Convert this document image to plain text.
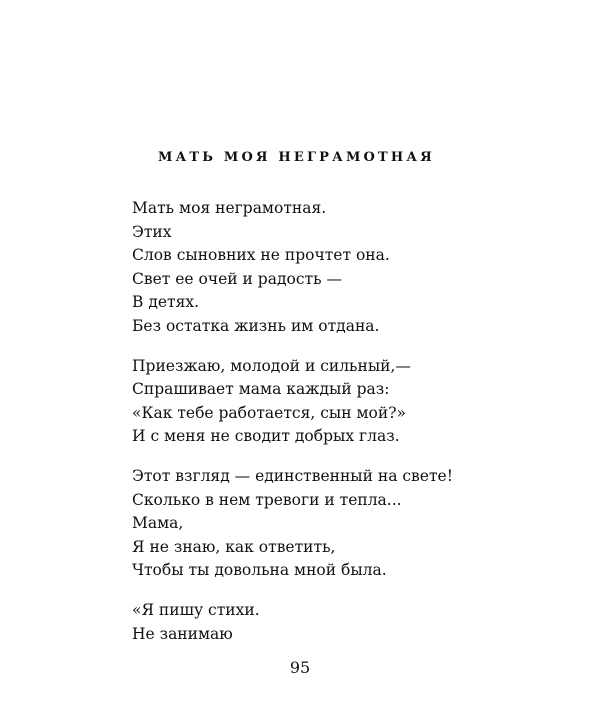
МАТЬ МОЯ НЕГРАМОТНАЯ
Мать моя неграмотная.
Этих
Слов сыновних не прочтет она.
Свет ее очей и радость —
В детях.
Без остатка жизнь им отдана.
Приезжаю, молодой и сильный,—
Спрашивает мама каждый раз:
«Как тебе работается, сын мой?»
И с меня не сводит добрых глаз.
Этот взгляд — единственный на свете!
Сколько в нем тревоги и тепла...
Мама,
Я не знаю, как ответить,
Чтобы ты довольна мной была.
«Я пишу стихи.
Не занимаю
95
